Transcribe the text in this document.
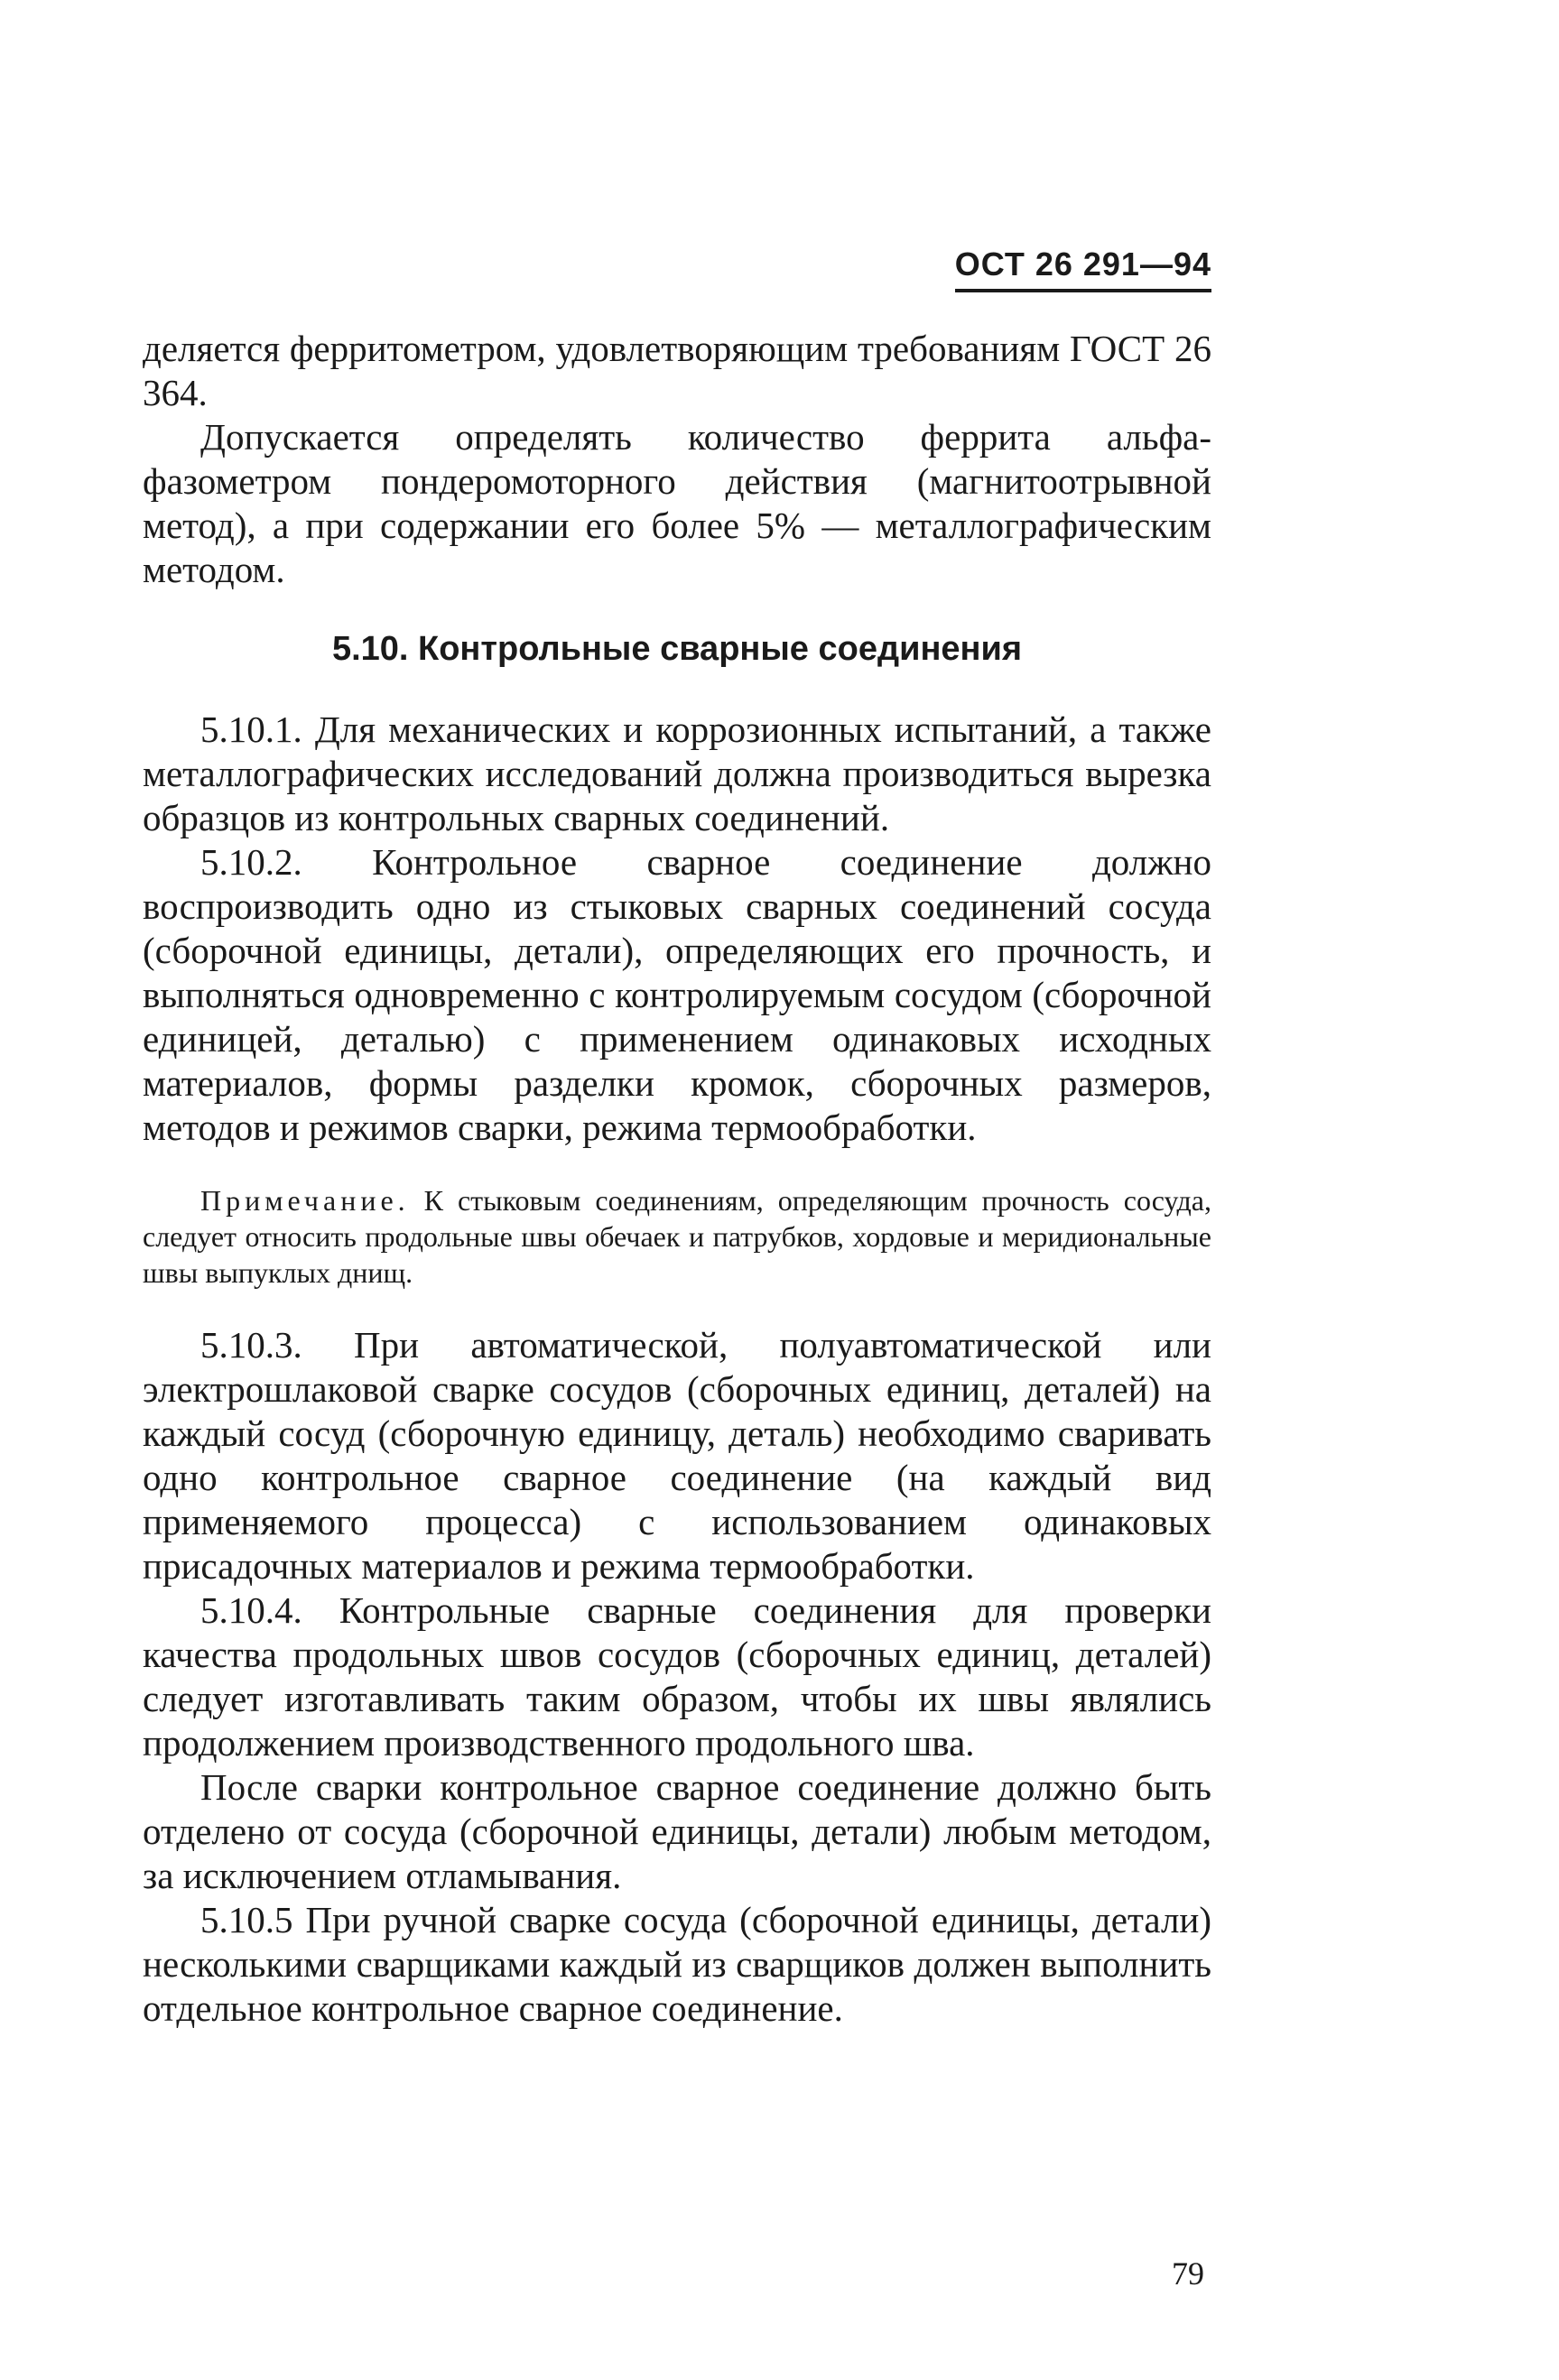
ОСТ 26 291—94

деляется ферритометром, удовлетворяющим требованиям ГОСТ 26 364.

Допускается определять количество феррита альфа-фазометром пондеромоторного действия (магнитоотрывной метод), а при содержании его более 5% — металлографическим методом.

5.10. Контрольные сварные соединения

5.10.1. Для механических и коррозионных испытаний, а также металлографических исследований должна производиться вырезка образцов из контрольных сварных соединений.

5.10.2. Контрольное сварное соединение должно воспроизводить одно из стыковых сварных соединений сосуда (сборочной единицы, детали), определяющих его прочность, и выполняться одновременно с контролируемым сосудом (сборочной единицей, деталью) с применением одинаковых исходных материалов, формы разделки кромок, сборочных размеров, методов и режимов сварки, режима термообработки.

Примечание. К стыковым соединениям, определяющим прочность сосуда, следует относить продольные швы обечаек и патрубков, хордовые и меридиональные швы выпуклых днищ.

5.10.3. При автоматической, полуавтоматической или электрошлаковой сварке сосудов (сборочных единиц, деталей) на каждый сосуд (сборочную единицу, деталь) необходимо сваривать одно контрольное сварное соединение (на каждый вид применяемого процесса) с использованием одинаковых присадочных материалов и режима термообработки.

5.10.4. Контрольные сварные соединения для проверки качества продольных швов сосудов (сборочных единиц, деталей) следует изготавливать таким образом, чтобы их швы являлись продолжением производственного продольного шва.

После сварки контрольное сварное соединение должно быть отделено от сосуда (сборочной единицы, детали) любым методом, за исключением отламывания.

5.10.5 При ручной сварке сосуда (сборочной единицы, детали) несколькими сварщиками каждый из сварщиков должен выполнить отдельное контрольное сварное соединение.

79
